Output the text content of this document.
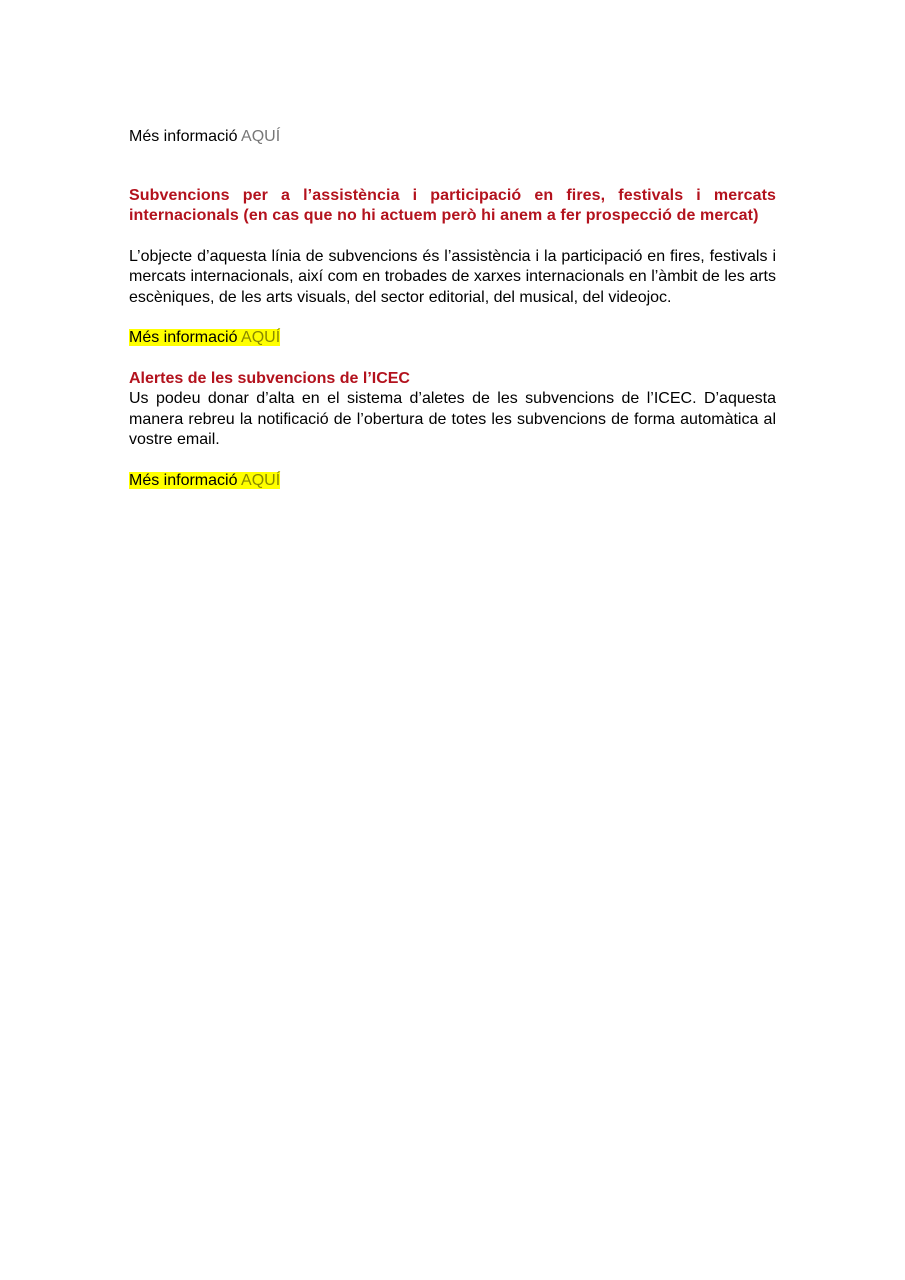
Més informació AQUÍ

Subvencions per a l’assistència i participació en fires, festivals i mercats internacionals (en cas que no hi actuem però hi anem a fer prospecció de mercat)

L’objecte d’aquesta línia de subvencions és l’assistència i la participació en fires, festivals i mercats internacionals, així com en trobades de xarxes internacionals en l’àmbit de les arts escèniques, de les arts visuals, del sector editorial, del musical, del videojoc.

Més informació AQUÍ

Alertes de les subvencions de l’ICEC

Us podeu donar d’alta en el sistema d’aletes de les subvencions de l’ICEC. D’aquesta manera rebreu la notificació de l’obertura de totes les subvencions de forma automàtica al vostre email.

Més informació AQUÍ
